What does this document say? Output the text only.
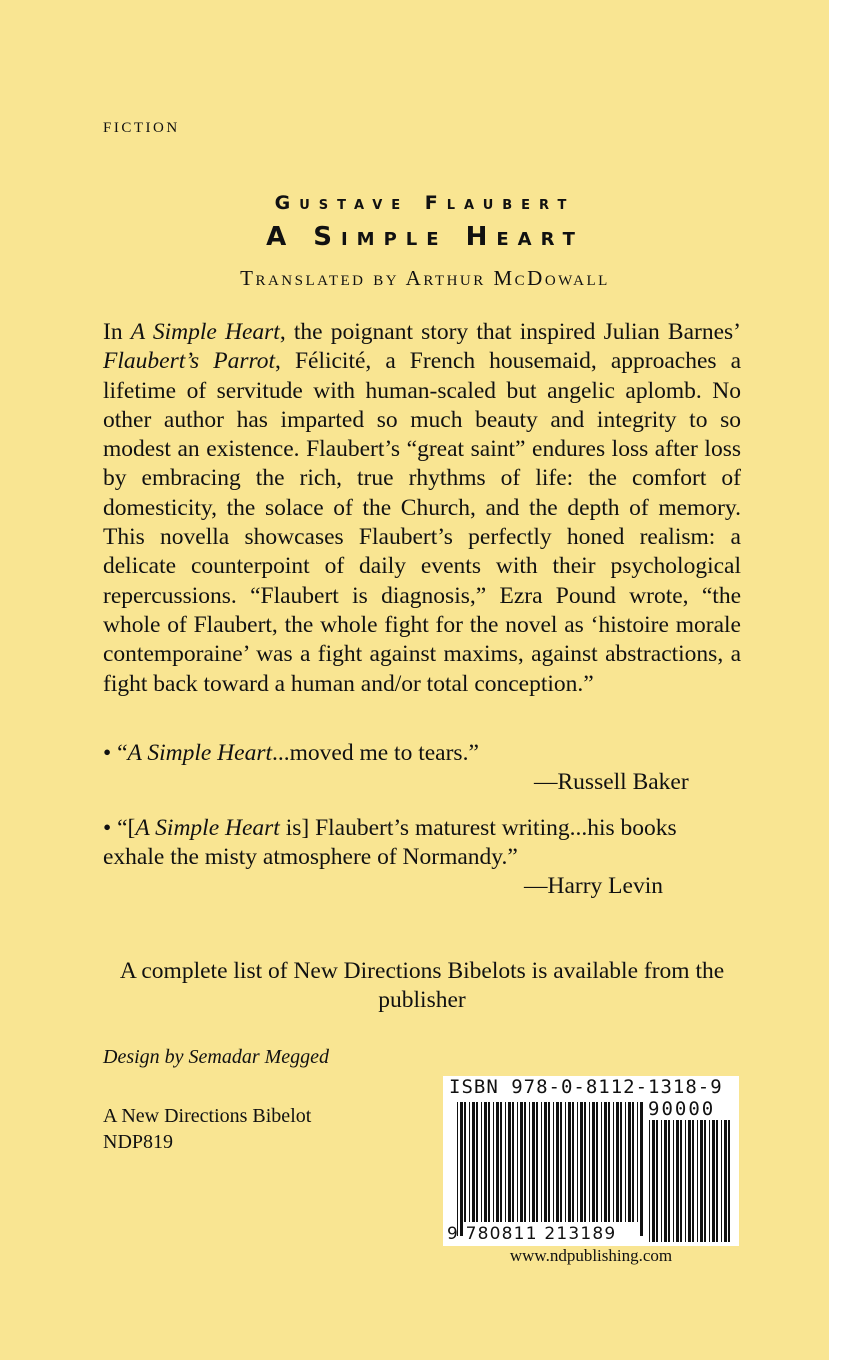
FICTION
Gustave Flaubert
A Simple Heart
Translated by Arthur McDowall

In A Simple Heart, the poignant story that inspired Julian Barnes’ Flaubert’s Parrot, Félicité, a French housemaid, approaches a lifetime of servitude with human-scaled but angelic aplomb. No other author has imparted so much beauty and integrity to so modest an existence. Flaubert’s “great saint” endures loss after loss by embracing the rich, true rhythms of life: the comfort of domesticity, the solace of the Church, and the depth of memory. This novella showcases Flaubert’s perfectly honed realism: a delicate counterpoint of daily events with their psychological repercussions. “Flaubert is diagnosis,” Ezra Pound wrote, “the whole of Flaubert, the whole fight for the novel as ‘histoire morale contemporaine’ was a fight against maxims, against abstractions, a fight back toward a human and/or total conception.”

• “A Simple Heart...moved me to tears.”

—Russell Baker

• “[A Simple Heart is] Flaubert’s maturest writing...his books exhale the misty atmosphere of Normandy.”

—Harry Levin

A complete list of New Directions Bibelots is available from the publisher

Design by Semadar Megged
A New Directions Bibelot
NDP819
ISBN 978-0-8112-1318-9
90000
9 780811 213189
www.ndpublishing.com
